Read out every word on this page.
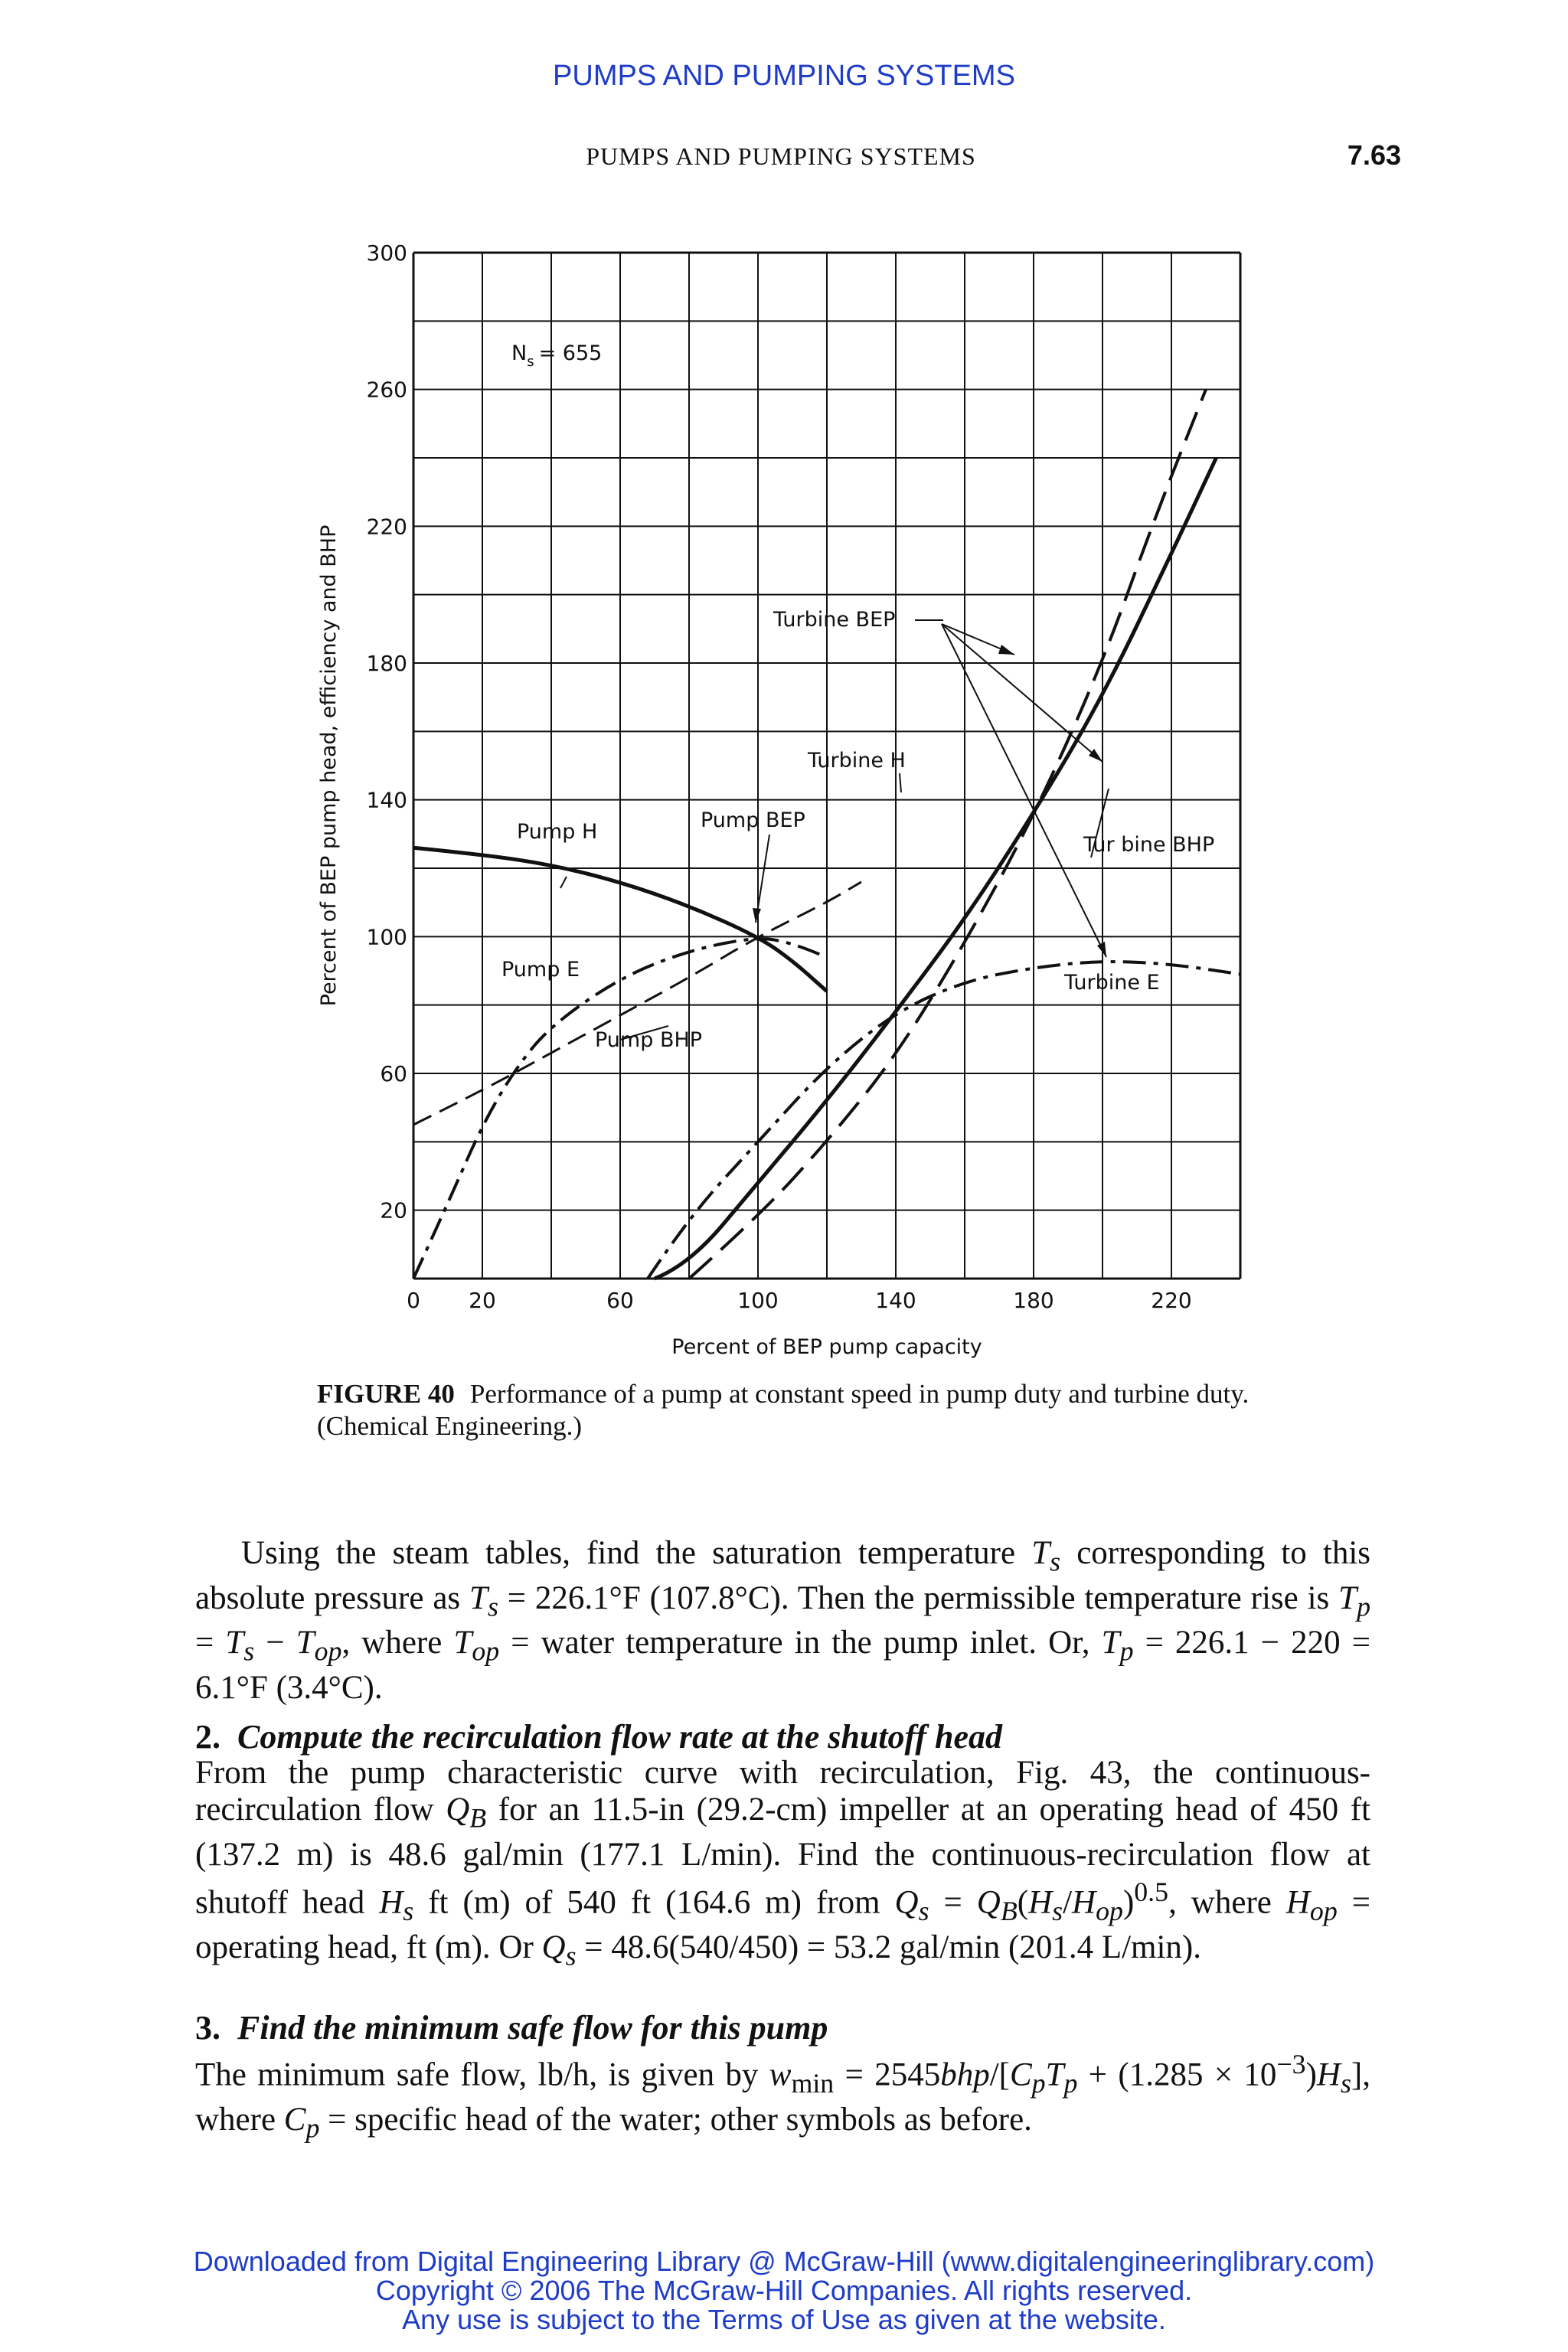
PUMPS AND PUMPING SYSTEMS
PUMPS AND PUMPING SYSTEMS	7.63
0 20	60	100	140	180	220
20
60
100
140
180
220
260
300
$N_s = 655$
Turbine BEP
Turbine H
Tur bine BHP
Turbine E
Pump H	Pump BEP
Pump E
Pump BHP
Percent of BEP pump capacity
Percent of BEP pump head, efficiency and BHP
FIGURE 40 Performance of a pump at constant speed in pump duty and turbine duty. (Chemical Engineering.)
Using the steam tables, find the saturation temperature $T_s$ corresponding to this absolute pressure as $T_s = 226.1^\circ F$ (107.8°C). Then the permissible temperature rise is $T_p = T_s - T_{op}$, where $T_{op}$ = water temperature in the pump inlet. Or, $T_p = 226.1 - 220 = 6.1^\circ F$ (3.4°C).
2. Compute the recirculation flow rate at the shutoff head
From the pump characteristic curve with recirculation, Fig. 43, the continuous-recirculation flow $Q_B$ for an 11.5-in (29.2-cm) impeller at an operating head of 450 ft (137.2 m) is 48.6 gal/min (177.1 L/min). Find the continuous-recirculation flow at shutoff head $H_s$ ft (m) of 540 ft (164.6 m) from $Q_s = Q_B(H_s/H_{op})^{0.5}$, where $H_{op}$ = operating head, ft (m). Or $Q_s = 48.6(540/450) = 53.2$ gal/min (201.4 L/min).
3. Find the minimum safe flow for this pump
The minimum safe flow, lb/h, is given by $w_{min} = 2545bhp/[C_pT_p + (1.285 \times 10^{-3})H_s]$, where $C_p$ = specific head of the water; other symbols as before.
Downloaded from Digital Engineering Library @ McGraw-Hill (www.digitalengineeringlibrary.com)
Copyright © 2006 The McGraw-Hill Companies. All rights reserved.
Any use is subject to the Terms of Use as given at the website.
